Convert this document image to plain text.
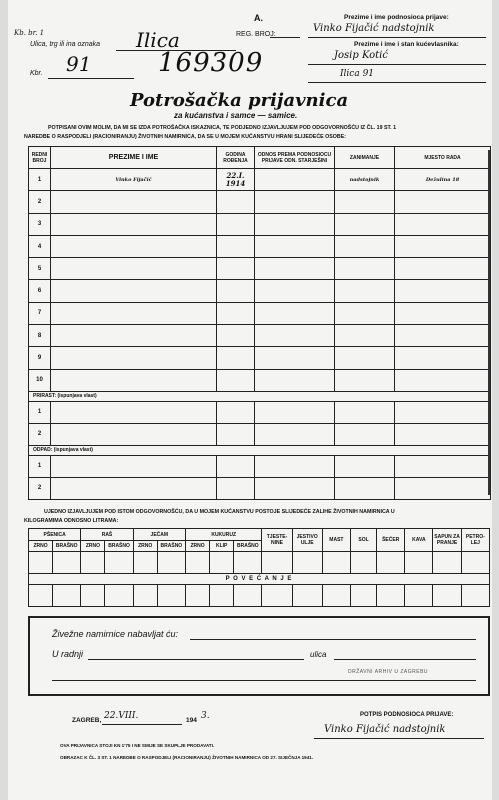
Kb. br. 1
A.
REG. BROJ:
Ulica, trg ili ina oznaka Ilica
Kbr. 91	169309
Prezime i ime podnosioca prijave:
Vinko Fijačić nadstojnik
Prezime i ime i stan kućevlasnika:
Josip Kotić
Ilica 91
Potrošačka prijavnica
za kućanstva i samce — samice.
POTPISANI OVIM MOLIM, DA MI SE IZDA POTROŠAČKA ISKAZNICA, TE PODJEDNO IZJAVLJUJEM POD ODGOVORNOŠĆU IZ ČL. 19 ST. 1
NAREDBE O RASPODJELI (RACIONIRANJU) ŽIVOTNIH NAMIRNICA, DA SE U MOJEM KUĆANSTVU HRANI SLIJEDEĆE OSOBE:
REDNI BROJ	PREZIME I IME	GODINA ROĐENJA	ODNOS PREMA PODNOSIOCU PRIJAVE ODN. STARJEŠINI	ZANIMANJE	MJESTO RADA
1	Vinko Fijačić	22.I. 1914		nadstojnik	Dežulina 18
2					
3					
4					
5					
6					
7					
8					
9					
10					
PRIRAST: (ispunjava vlast)					
1					
2					
ODPAD: (ispunjava vlast)					
1					
2					
UJEDNO IZJAVLJUJEM POD ISTOM ODGOVORNOŠĆU, DA U MOJEM KUĆANSTVU POSTOJE SLIJEDEĆE ZALIHE ŽIVOTNIH NAMIRNICA U
KILOGRAMIMA ODNOSNO LITRAMA:
PŠENICA		RAŠ		JEČAM		KUKURUZ			TJESTE-NINE	JESTIVO ULJE	MAST	SOL	ŠEĆER	KAVA	SAPUN ZA PRANJE	PETRO-LEJ
ZRNO	BRAŠNO	ZRNO	BRAŠNO	ZRNO	BRAŠNO	ZRNO	KLIP	BRAŠNO								

P O V E Ć A N J E																

Živežne namirnice nabavljat ću:
U radnji	ulica
DRŽAVNI ARHIV U ZAGREBU
ZAGREB, 22.VIII.	194 3.	POTPIS PODNOSIOCA PRIJAVE:
Vinko Fijačić nadstojnik
OVA PRIJAVNICA STOJI KN 1'75 I NE SMIJE SE SKUPLJE PRODAVATI.
OBRAZAC K ČL. 3 ST. 1 NAREDBE O RASPODJELI (RACIONIRANJU) ŽIVOTNIH NAMIRNICA OD 27. SIJEČNJA 1941.
